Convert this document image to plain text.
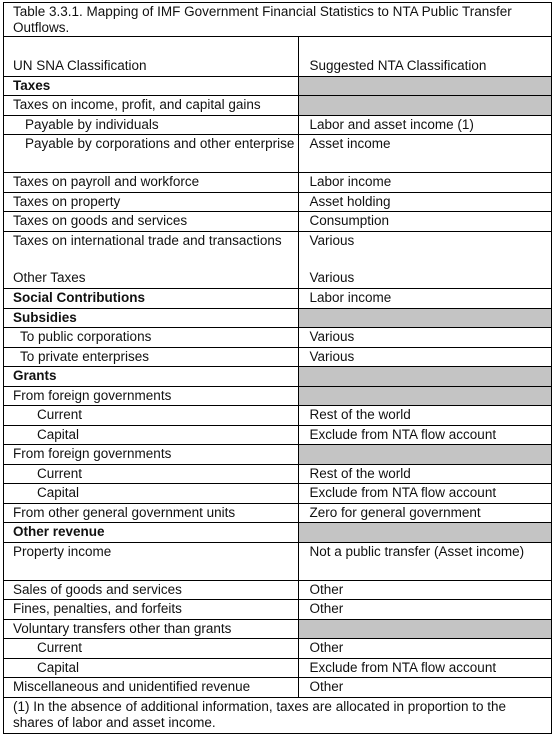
Table 3.3.1. Mapping of IMF Government Financial Statistics to NTA Public Transfer Outflows.
UN SNA Classification	Suggested NTA Classification
Taxes	
Taxes on income, profit, and capital gains	
Payable by individuals	Labor and asset income (1)
Payable by corporations and other enterprise	Asset income
Taxes on payroll and workforce	Labor income
Taxes on property	Asset holding
Taxes on goods and services	Consumption
Taxes on international trade and transactions	Various
Other Taxes	Various
Social Contributions	Labor income
Subsidies	
To public corporations	Various
To private enterprises	Various
Grants	
From foreign governments	
Current	Rest of the world
Capital	Exclude from NTA flow account
From foreign governments	
Current	Rest of the world
Capital	Exclude from NTA flow account
From other general government units	Zero for general government
Other revenue	
Property income	Not a public transfer (Asset income)
Sales of goods and services	Other
Fines, penalties, and forfeits	Other
Voluntary transfers other than grants	
Current	Other
Capital	Exclude from NTA flow account
Miscellaneous and unidentified revenue	Other
(1) In the absence of additional information, taxes are allocated in proportion to the shares of labor and asset income.
